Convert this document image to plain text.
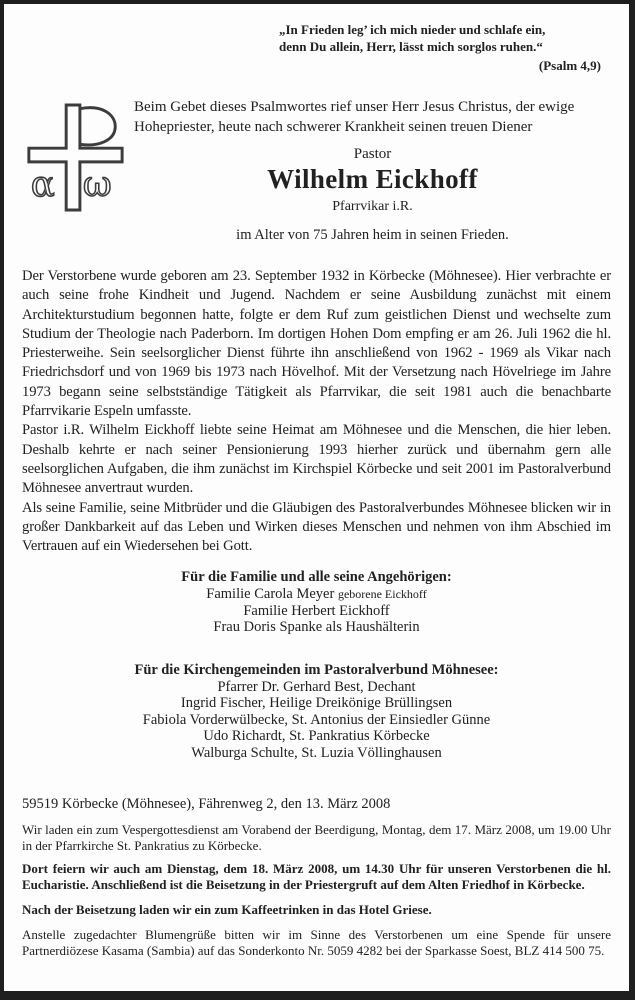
„In Frieden leg’ ich mich nieder und schlafe ein,
denn Du allein, Herr, lässt mich sorglos ruhen.“
(Psalm 4,9)
α ω
Beim Gebet dieses Psalmwortes rief unser Herr Jesus Christus, der ewige Hohepriester, heute nach schwerer Krankheit seinen treuen Diener
Pastor
Wilhelm Eickhoff
Pfarrvikar i.R.
im Alter von 75 Jahren heim in seinen Frieden.

Der Verstorbene wurde geboren am 23. September 1932 in Körbecke (Möhnesee). Hier verbrachte er auch seine frohe Kindheit und Jugend. Nachdem er seine Ausbildung zunächst mit einem Architekturstudium begonnen hatte, folgte er dem Ruf zum geistlichen Dienst und wechselte zum Studium der Theologie nach Paderborn. Im dortigen Hohen Dom empfing er am 26. Juli 1962 die hl. Priesterweihe. Sein seelsorglicher Dienst führte ihn anschließend von 1962 - 1969 als Vikar nach Friedrichsdorf und von 1969 bis 1973 nach Hövelhof. Mit der Versetzung nach Hövelriege im Jahre 1973 begann seine selbstständige Tätigkeit als Pfarrvikar, die seit 1981 auch die benachbarte Pfarrvikarie Espeln umfasste.

Pastor i.R. Wilhelm Eickhoff liebte seine Heimat am Möhnesee und die Menschen, die hier leben. Deshalb kehrte er nach seiner Pensionierung 1993 hierher zurück und übernahm gern alle seelsorglichen Aufgaben, die ihm zunächst im Kirchspiel Körbecke und seit 2001 im Pastoralverbund Möhnesee anvertraut wurden.

Als seine Familie, seine Mitbrüder und die Gläubigen des Pastoralverbundes Möhnesee blicken wir in großer Dankbarkeit auf das Leben und Wirken dieses Menschen und nehmen von ihm Abschied im Vertrauen auf ein Wiedersehen bei Gott.

Für die Familie und alle seine Angehörigen:
Familie Carola Meyer geborene Eickhoff
Familie Herbert Eickhoff
Frau Doris Spanke als Haushälterin
Für die Kirchengemeinden im Pastoralverbund Möhnesee:
Pfarrer Dr. Gerhard Best, Dechant
Ingrid Fischer, Heilige Dreikönige Brüllingsen
Fabiola Vorderwülbecke, St. Antonius der Einsiedler Günne
Udo Richardt, St. Pankratius Körbecke
Walburga Schulte, St. Luzia Völlinghausen
59519 Körbecke (Möhnesee), Fährenweg 2, den 13. März 2008

Wir laden ein zum Vespergottesdienst am Vorabend der Beerdigung, Montag, dem 17. März 2008, um 19.00 Uhr in der Pfarrkirche St. Pankratius zu Körbecke.

Dort feiern wir auch am Dienstag, dem 18. März 2008, um 14.30 Uhr für unseren Verstorbenen die hl. Eucharistie. Anschließend ist die Beisetzung in der Priestergruft auf dem Alten Friedhof in Körbecke.

Nach der Beisetzung laden wir ein zum Kaffeetrinken in das Hotel Griese.

Anstelle zugedachter Blumengrüße bitten wir im Sinne des Verstorbenen um eine Spende für unsere Partnerdiözese Kasama (Sambia) auf das Sonderkonto Nr. 5059 4282 bei der Sparkasse Soest, BLZ 414 500 75.
